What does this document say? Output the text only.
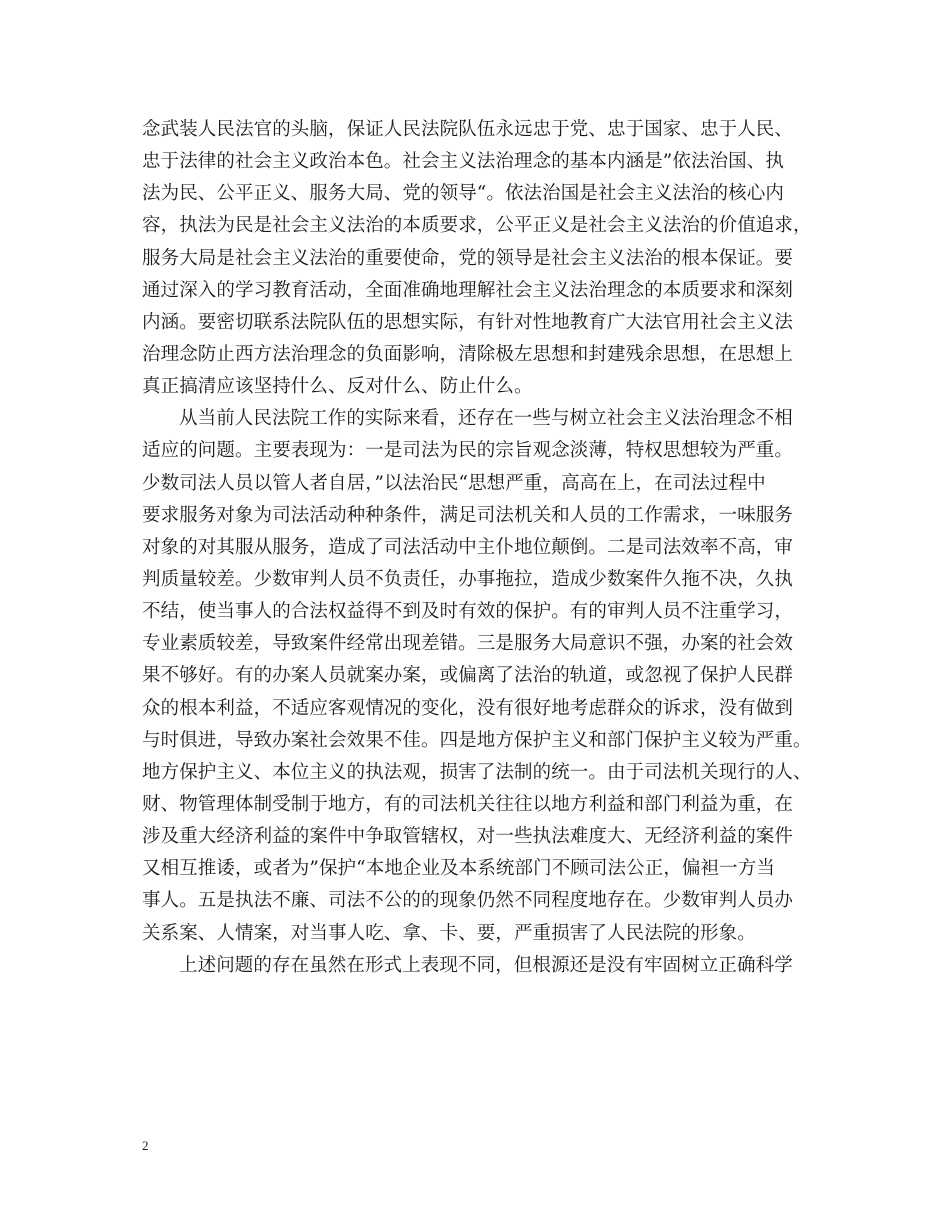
念武装人民法官的头脑，保证人民法院队伍永远忠于党、忠于国家、忠于人民、
忠于法律的社会主义政治本色。社会主义法治理念的基本内涵是”依法治国、执
法为民、公平正义、服务大局、党的领导“。依法治国是社会主义法治的核心内
容，执法为民是社会主义法治的本质要求，公平正义是社会主义法治的价值追求，
服务大局是社会主义法治的重要使命，党的领导是社会主义法治的根本保证。要
通过深入的学习教育活动，全面准确地理解社会主义法治理念的本质要求和深刻
内涵。要密切联系法院队伍的思想实际，有针对性地教育广大法官用社会主义法
治理念防止西方法治理念的负面影响，清除极左思想和封建残余思想，在思想上
真正搞清应该坚持什么、反对什么、防止什么。
从当前人民法院工作的实际来看，还存在一些与树立社会主义法治理念不相
适应的问题。主要表现为：一是司法为民的宗旨观念淡薄，特权思想较为严重。
少数司法人员以管人者自居，”以法治民“思想严重，高高在上，在司法过程中
要求服务对象为司法活动种种条件，满足司法机关和人员的工作需求，一味服务
对象的对其服从服务，造成了司法活动中主仆地位颠倒。二是司法效率不高，审
判质量较差。少数审判人员不负责任，办事拖拉，造成少数案件久拖不决，久执
不结，使当事人的合法权益得不到及时有效的保护。有的审判人员不注重学习，
专业素质较差，导致案件经常出现差错。三是服务大局意识不强，办案的社会效
果不够好。有的办案人员就案办案，或偏离了法治的轨道，或忽视了保护人民群
众的根本利益，不适应客观情况的变化，没有很好地考虑群众的诉求，没有做到
与时俱进，导致办案社会效果不佳。四是地方保护主义和部门保护主义较为严重。
地方保护主义、本位主义的执法观，损害了法制的统一。由于司法机关现行的人、
财、物管理体制受制于地方，有的司法机关往往以地方利益和部门利益为重，在
涉及重大经济利益的案件中争取管辖权，对一些执法难度大、无经济利益的案件
又相互推诿，或者为”保护“本地企业及本系统部门不顾司法公正，偏袒一方当
事人。五是执法不廉、司法不公的的现象仍然不同程度地存在。少数审判人员办
关系案、人情案，对当事人吃、拿、卡、要，严重损害了人民法院的形象。
上述问题的存在虽然在形式上表现不同，但根源还是没有牢固树立正确科学
2
